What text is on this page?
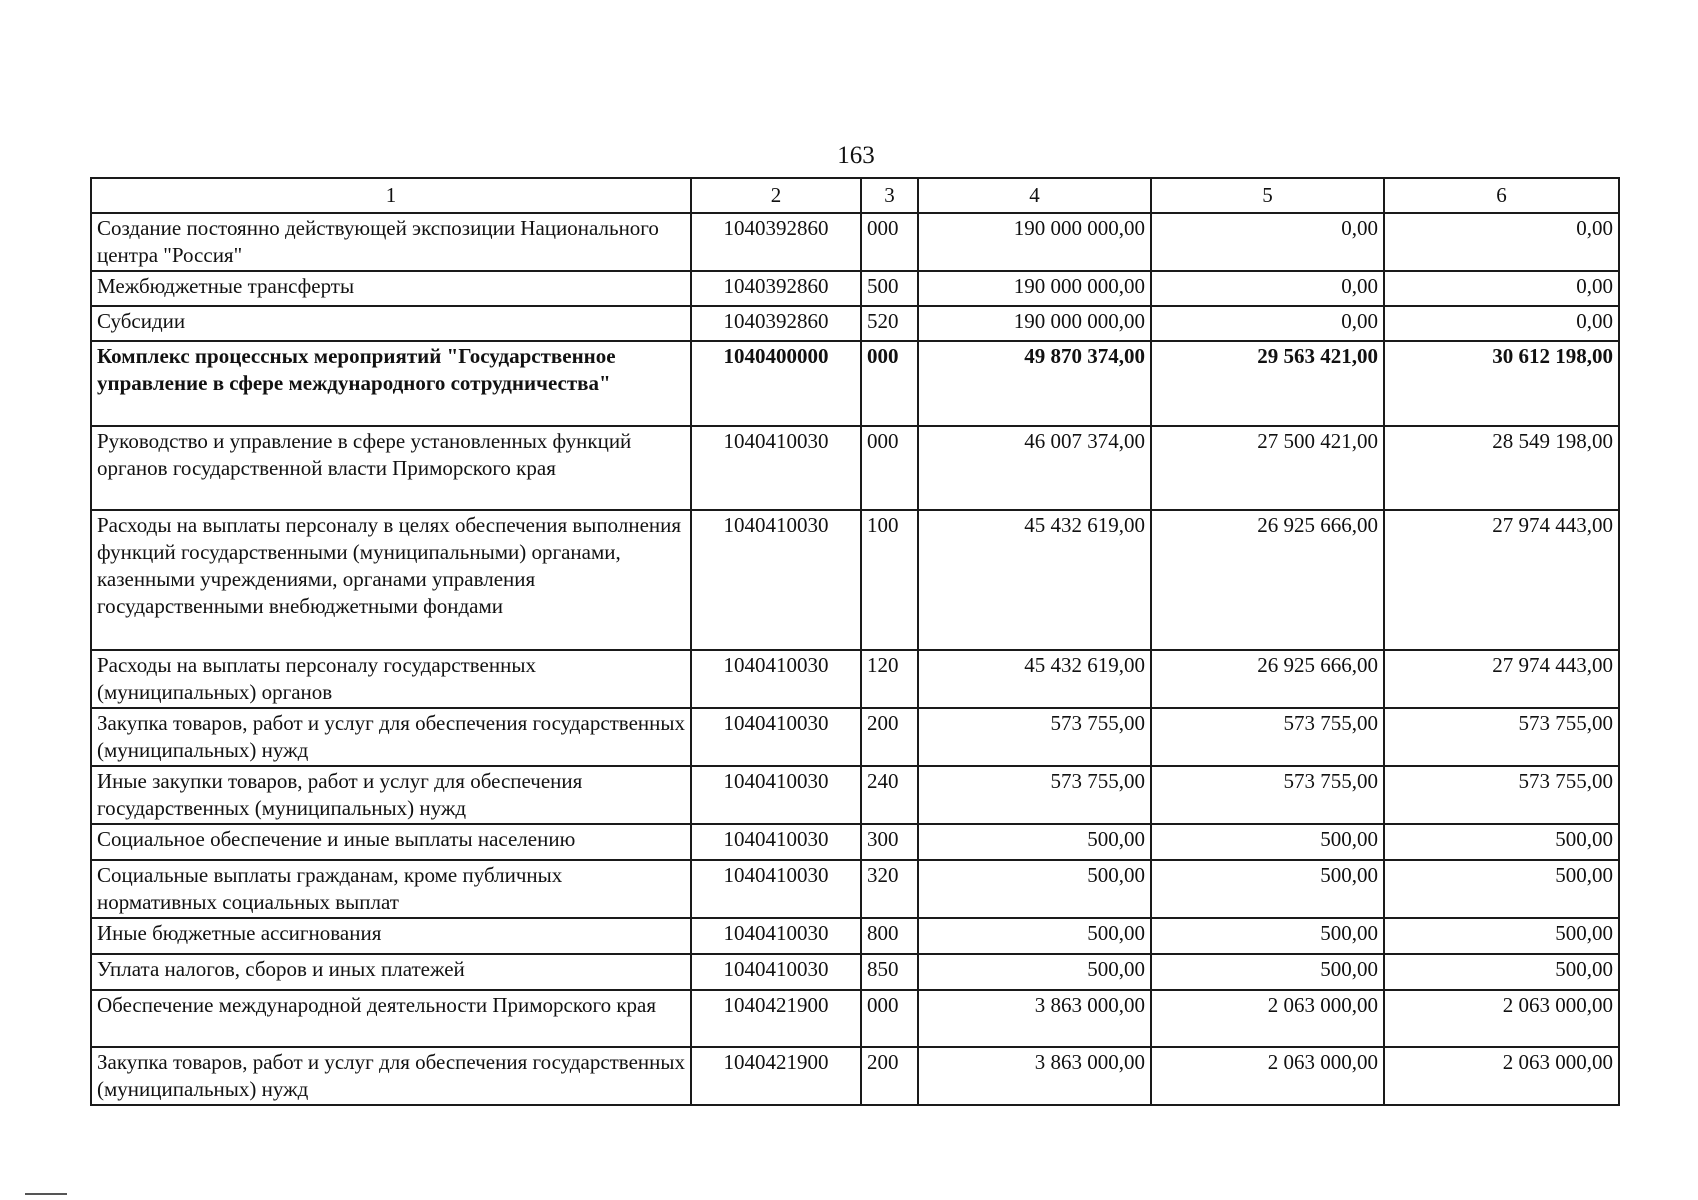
163
1	2	3	4	5	6
Создание постоянно действующей экспозиции Национального центра "Россия"	1040392860	000	190 000 000,00	0,00	0,00
Межбюджетные трансферты	1040392860	500	190 000 000,00	0,00	0,00
Субсидии	1040392860	520	190 000 000,00	0,00	0,00
Комплекс процессных мероприятий "Государственное управление в сфере международного сотрудничества"	1040400000	000	49 870 374,00	29 563 421,00	30 612 198,00
Руководство и управление в сфере установленных функций органов государственной власти Приморского края	1040410030	000	46 007 374,00	27 500 421,00	28 549 198,00
Расходы на выплаты персоналу в целях обеспечения выполнения функций государственными (муниципальными) органами, казенными учреждениями, органами управления государственными внебюджетными фондами	1040410030	100	45 432 619,00	26 925 666,00	27 974 443,00
Расходы на выплаты персоналу государственных (муниципальных) органов	1040410030	120	45 432 619,00	26 925 666,00	27 974 443,00
Закупка товаров, работ и услуг для обеспечения государственных (муниципальных) нужд	1040410030	200	573 755,00	573 755,00	573 755,00
Иные закупки товаров, работ и услуг для обеспечения государственных (муниципальных) нужд	1040410030	240	573 755,00	573 755,00	573 755,00
Социальное обеспечение и иные выплаты населению	1040410030	300	500,00	500,00	500,00
Социальные выплаты гражданам, кроме публичных нормативных социальных выплат	1040410030	320	500,00	500,00	500,00
Иные бюджетные ассигнования	1040410030	800	500,00	500,00	500,00
Уплата налогов, сборов и иных платежей	1040410030	850	500,00	500,00	500,00
Обеспечение международной деятельности Приморского края	1040421900	000	3 863 000,00	2 063 000,00	2 063 000,00
Закупка товаров, работ и услуг для обеспечения государственных (муниципальных) нужд	1040421900	200	3 863 000,00	2 063 000,00	2 063 000,00
